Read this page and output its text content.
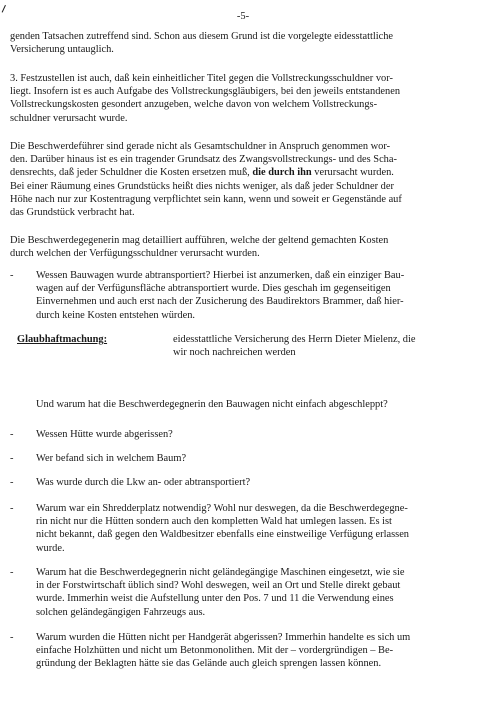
-5-
genden Tatsachen zutreffend sind. Schon aus diesem Grund ist die vorgelegte eidesstattliche
Versicherung untauglich.
3. Festzustellen ist auch, daß kein einheitlicher Titel gegen die Vollstreckungsschuldner vor-
liegt. Insofern ist es auch Aufgabe des Vollstreckungsgläubigers, bei den jeweils entstandenen
Vollstreckungskosten gesondert anzugeben, welche davon von welchem Vollstreckungs-
schuldner verursacht wurde.
Die Beschwerdeführer sind gerade nicht als Gesamtschuldner in Anspruch genommen wor-
den. Darüber hinaus ist es ein tragender Grundsatz des Zwangsvollstreckungs- und des Scha-
densrechts, daß jeder Schuldner die Kosten ersetzen muß, die durch ihn verursacht wurden.
Bei einer Räumung eines Grundstücks heißt dies nichts weniger, als daß jeder Schuldner der
Höhe nach nur zur Kostentragung verpflichtet sein kann, wenn und soweit er Gegenstände auf
das Grundstück verbracht hat.
Die Beschwerdegegenerin mag detailliert aufführen, welche der geltend gemachten Kosten
durch welchen der Verfügungsschuldner verursacht wurden.
-	Wessen Bauwagen wurde abtransportiert? Hierbei ist anzumerken, daß ein einziger Bau-
wagen auf der Verfügunsfläche abtransportiert wurde. Dies geschah im gegenseitigen
Einvernehmen und auch erst nach der Zusicherung des Baudirektors Brammer, daß hier-
durch keine Kosten entstehen würden.
Glaubhaftmachung:	eidesstattliche Versicherung des Herrn Dieter Mielenz, die
wir noch nachreichen werden
Und warum hat die Beschwerdegegnerin den Bauwagen nicht einfach abgeschleppt?
-	Wessen Hütte wurde abgerissen?
-	Wer befand sich in welchem Baum?
-	Was wurde durch die Lkw an- oder abtransportiert?
-	Warum war ein Shredderplatz notwendig? Wohl nur deswegen, da die Beschwerdegegne-
rin nicht nur die Hütten sondern auch den kompletten Wald hat umlegen lassen. Es ist
nicht bekannt, daß gegen den Waldbesitzer ebenfalls eine einstweilige Verfügung erlassen
wurde.
-	Warum hat die Beschwerdegegnerin nicht geländegängige Maschinen eingesetzt, wie sie
in der Forstwirtschaft üblich sind? Wohl deswegen, weil an Ort und Stelle direkt gebaut
wurde. Immerhin weist die Aufstellung unter den Pos. 7 und 11 die Verwendung eines
solchen geländegängigen Fahrzeugs aus.
-	Warum wurden die Hütten nicht per Handgerät abgerissen? Immerhin handelte es sich um
einfache Holzhütten und nicht um Betonmonolithen. Mit der – vordergründigen – Be-
gründung der Beklagten hätte sie das Gelände auch gleich sprengen lassen können.
